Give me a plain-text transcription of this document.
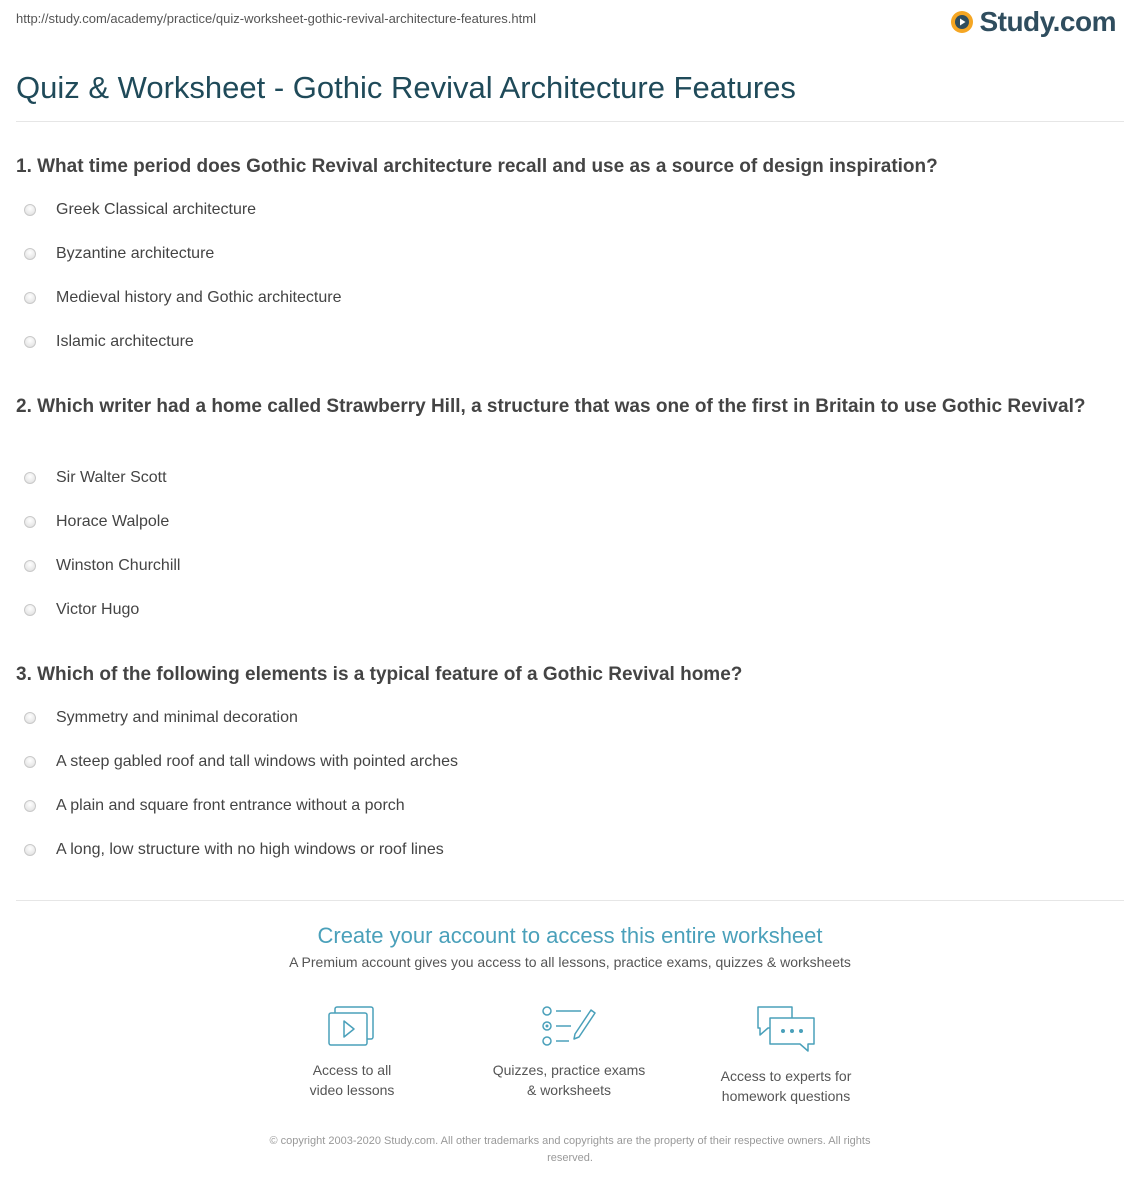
http://study.com/academy/practice/quiz-worksheet-gothic-revival-architecture-features.html	Study.com
Quiz & Worksheet - Gothic Revival Architecture Features
1. What time period does Gothic Revival architecture recall and use as a source of design inspiration?
Greek Classical architecture
Byzantine architecture
Medieval history and Gothic architecture
Islamic architecture
2. Which writer had a home called Strawberry Hill, a structure that was one of the first in Britain to use Gothic Revival?
Sir Walter Scott
Horace Walpole
Winston Churchill
Victor Hugo
3. Which of the following elements is a typical feature of a Gothic Revival home?
Symmetry and minimal decoration
A steep gabled roof and tall windows with pointed arches
A plain and square front entrance without a porch
A long, low structure with no high windows or roof lines
Create your account to access this entire worksheet
A Premium account gives you access to all lessons, practice exams, quizzes & worksheets
Access to all
video lessons
Quizzes, practice exams
& worksheets
Access to experts for
homework questions
© copyright 2003-2020 Study.com. All other trademarks and copyrights are the property of their respective owners. All rights
reserved.
